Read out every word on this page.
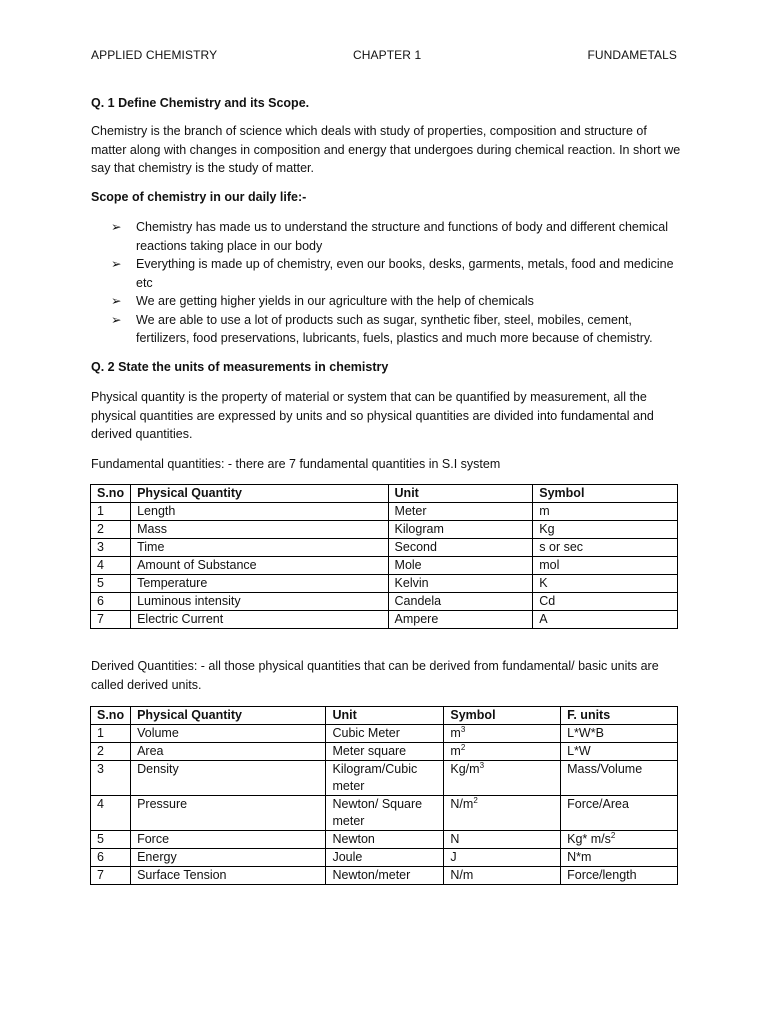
APPLIED CHEMISTRY	CHAPTER 1	FUNDAMETALS
Q. 1 Define Chemistry and its Scope.
Chemistry is the branch of science which deals with study of properties, composition and structure of matter along with changes in composition and energy that undergoes during chemical reaction. In short we say that chemistry is the study of matter.
Scope of chemistry in our daily life:-
➢ Chemistry has made us to understand the structure and functions of body and different chemical reactions taking place in our body
➢ Everything is made up of chemistry, even our books, desks, garments, metals, food and medicine etc
➢ We are getting higher yields in our agriculture with the help of chemicals
➢ We are able to use a lot of products such as sugar, synthetic fiber, steel, mobiles, cement, fertilizers, food preservations, lubricants, fuels, plastics and much more because of chemistry.
Q. 2 State the units of measurements in chemistry
Physical quantity is the property of material or system that can be quantified by measurement, all the physical quantities are expressed by units and so physical quantities are divided into fundamental and derived quantities.
Fundamental quantities: - there are 7 fundamental quantities in S.I system
S.no	Physical Quantity	Unit	Symbol
1	Length	Meter	m
2	Mass	Kilogram	Kg
3	Time	Second	s or sec
4	Amount of Substance	Mole	mol
5	Temperature	Kelvin	K
6	Luminous intensity	Candela	Cd
7	Electric Current	Ampere	A
Derived Quantities: - all those physical quantities that can be derived from fundamental/ basic units are called derived units.
S.no	Physical Quantity	Unit	Symbol	F. units
1	Volume	Cubic Meter	$m^3$	L*W*B
2	Area	Meter square	$m^2$	L*W
3	Density	Kilogram/Cubic meter	$Kg/m^3$	Mass/Volume
4	Pressure	Newton/ Square meter	$N/m^2$	Force/Area
5	Force	Newton	N	Kg* $m/s^2$
6	Energy	Joule	J	N*m
7	Surface Tension	Newton/meter	N/m	Force/length
